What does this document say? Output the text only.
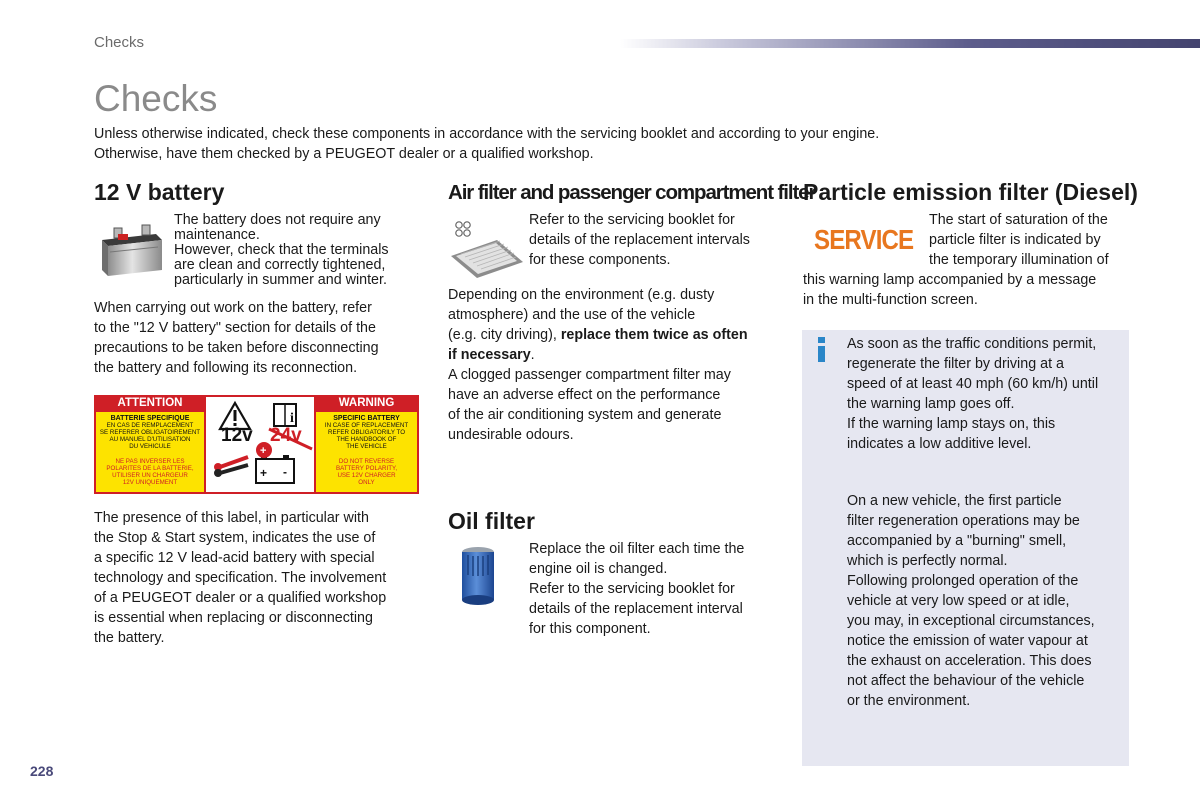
Checks
Checks
Unless otherwise indicated, check these components in accordance with the servicing booklet and according to your engine.
Otherwise, have them checked by a PEUGEOT dealer or a qualified workshop.
12 V battery
The battery does not require any
maintenance.
However, check that the terminals
are clean and correctly tightened,
particularly in summer and winter.
When carrying out work on the battery, refer
to the "12 V battery" section for details of the
precautions to be taken before disconnecting
the battery and following its reconnection.
i
+
+ -
ATTENTION	WARNING
BATTERIE SPECIFIQUE
EN CAS DE REMPLACEMENT
SE REFERER OBLIGATOIREMENT
AU MANUEL D'UTILISATION
DU VEHICULE
NE PAS INVERSER LES
POLARITES DE LA BATTERIE,
UTILISER UN CHARGEUR
12V UNIQUEMENT
SPECIFIC BATTERY
IN CASE OF REPLACEMENT
REFER OBLIGATORILY TO
THE HANDBOOK OF
THE VEHICLE
DO NOT REVERSE
BATTERY POLARITY,
USE 12V CHARGER
ONLY
12v 24v
The presence of this label, in particular with
the Stop & Start system, indicates the use of
a specific 12 V lead-acid battery with special
technology and specification. The involvement
of a PEUGEOT dealer or a qualified workshop
is essential when replacing or disconnecting
the battery.
Air filter and passenger compartment filter
Refer to the servicing booklet for
details of the replacement intervals
for these components.
Depending on the environment (e.g. dusty
atmosphere) and the use of the vehicle
(e.g. city driving), replace them twice as often
if necessary.
A clogged passenger compartment filter may
have an adverse effect on the performance
of the air conditioning system and generate
undesirable odours.
Oil filter
Replace the oil filter each time the
engine oil is changed.
Refer to the servicing booklet for
details of the replacement interval
for this component.
Particle emission filter (Diesel)
SERVICE
The start of saturation of the
particle filter is indicated by
the temporary illumination of
this warning lamp accompanied by a message
in the multi-function screen.
As soon as the traffic conditions permit,
regenerate the filter by driving at a
speed of at least 40 mph (60 km/h) until
the warning lamp goes off.
If the warning lamp stays on, this
indicates a low additive level.
On a new vehicle, the first particle
filter regeneration operations may be
accompanied by a "burning" smell,
which is perfectly normal.
Following prolonged operation of the
vehicle at very low speed or at idle,
you may, in exceptional circumstances,
notice the emission of water vapour at
the exhaust on acceleration. This does
not affect the behaviour of the vehicle
or the environment.
228
